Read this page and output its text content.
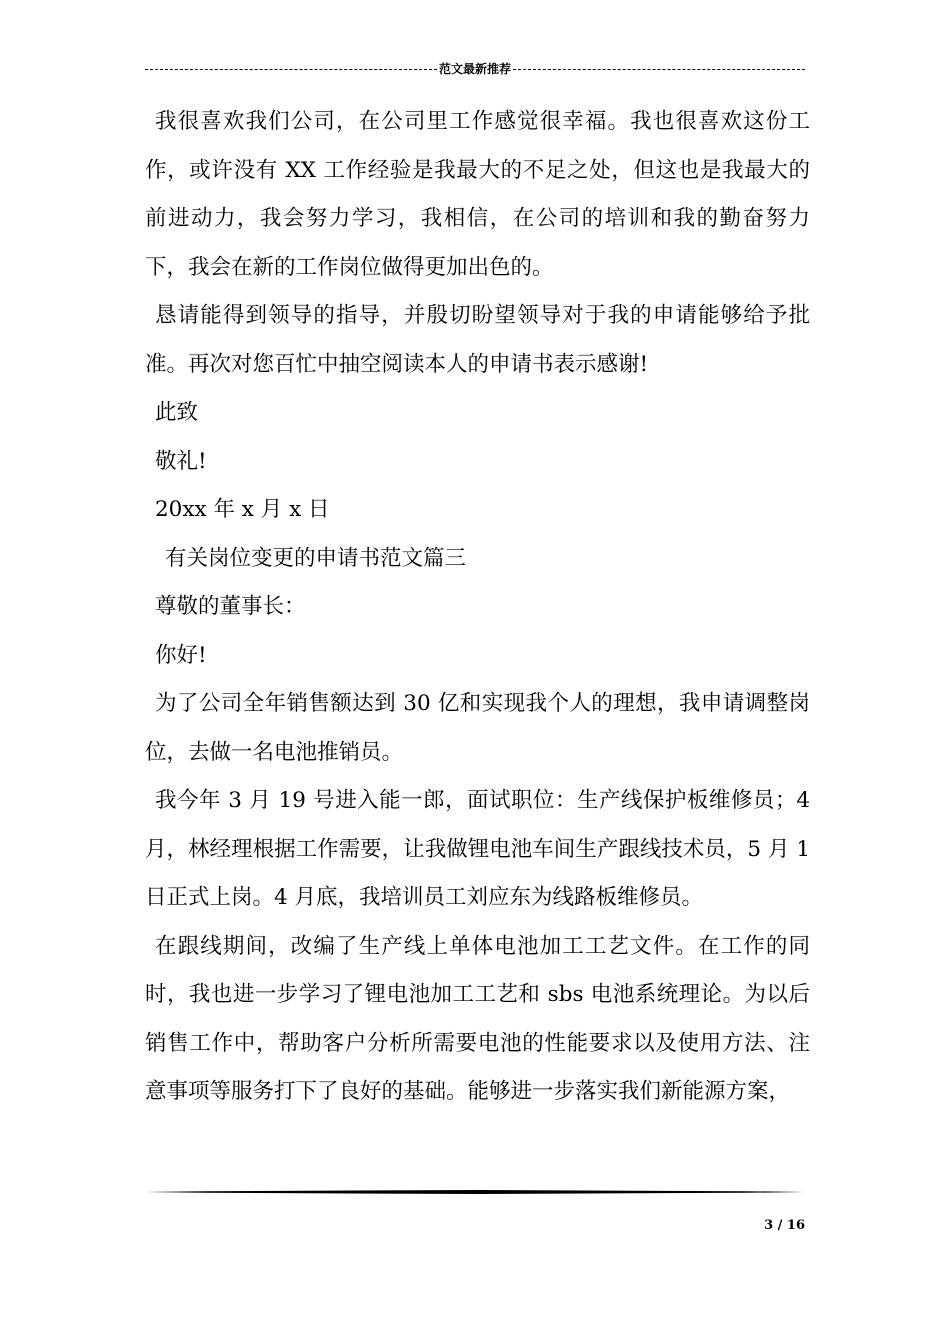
范文最新推荐

我很喜欢我们公司，在公司里工作感觉很幸福。我也很喜欢这份工作，或许没有 XX 工作经验是我最大的不足之处，但这也是我最大的前进动力，我会努力学习，我相信，在公司的培训和我的勤奋努力下，我会在新的工作岗位做得更加出色的。

恳请能得到领导的指导，并殷切盼望领导对于我的申请能够给予批准。再次对您百忙中抽空阅读本人的申请书表示感谢!

此致

敬礼!

20xx 年 x 月 x 日

有关岗位变更的申请书范文篇三

尊敬的董事长：

你好!

为了公司全年销售额达到 30 亿和实现我个人的理想，我申请调整岗位，去做一名电池推销员。

我今年 3 月 19 号进入能一郎，面试职位：生产线保护板维修员；4 月，林经理根据工作需要，让我做锂电池车间生产跟线技术员，5 月 1 日正式上岗。4 月底，我培训员工刘应东为线路板维修员。

在跟线期间，改编了生产线上单体电池加工工艺文件。在工作的同时，我也进一步学习了锂电池加工工艺和 sbs 电池系统理论。为以后销售工作中，帮助客户分析所需要电池的性能要求以及使用方法、注意事项等服务打下了良好的基础。能够进一步落实我们新能源方案，

3 / 16
